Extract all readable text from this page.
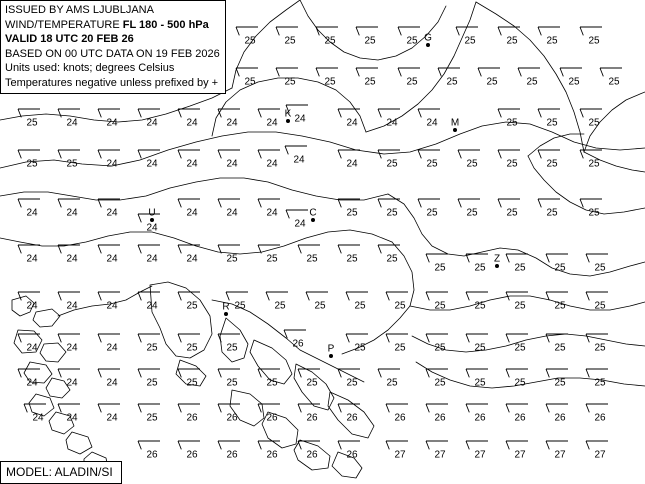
25	25	25	25	25	25	25	25	25
25	25	25	25	25	25	25	25	25	25
25	24	24	24	24	24	24 24	24	24	24	25	25	25
25	25	24	24	24	24	24 24	24	25	25	25	25	25	25
24	24	24
24
24	24	24
24
25	25	25	25	25	25	25
24	24	24	24	24	25	25	25	25	25
25	25	25	25	25
24	24	24	24	25	25	25	25	25	25	25	25	25	25	25
24	24	24	25	25	25	26	25	25	25	25	25	25	25
24	24	24	25	25	25	25	25	25	25	25	25	25	25	25
24 24	24	25	26	26	26	26	26	26	26	26	26	26	26
26	26	26	26	26	26	27	27	27	27	27	27
G
K
M
U	C
Z
R
P
ISSUED BY AMS LJUBLJANA
WIND/TEMPERATURE FL 180 - 500 hPa
VALID 18 UTC 20 FEB 26
BASED ON 00 UTC DATA ON 19 FEB 2026
Units used: knots; degrees Celsius
Temperatures negative unless prefixed by +
MODEL: ALADIN/SI
